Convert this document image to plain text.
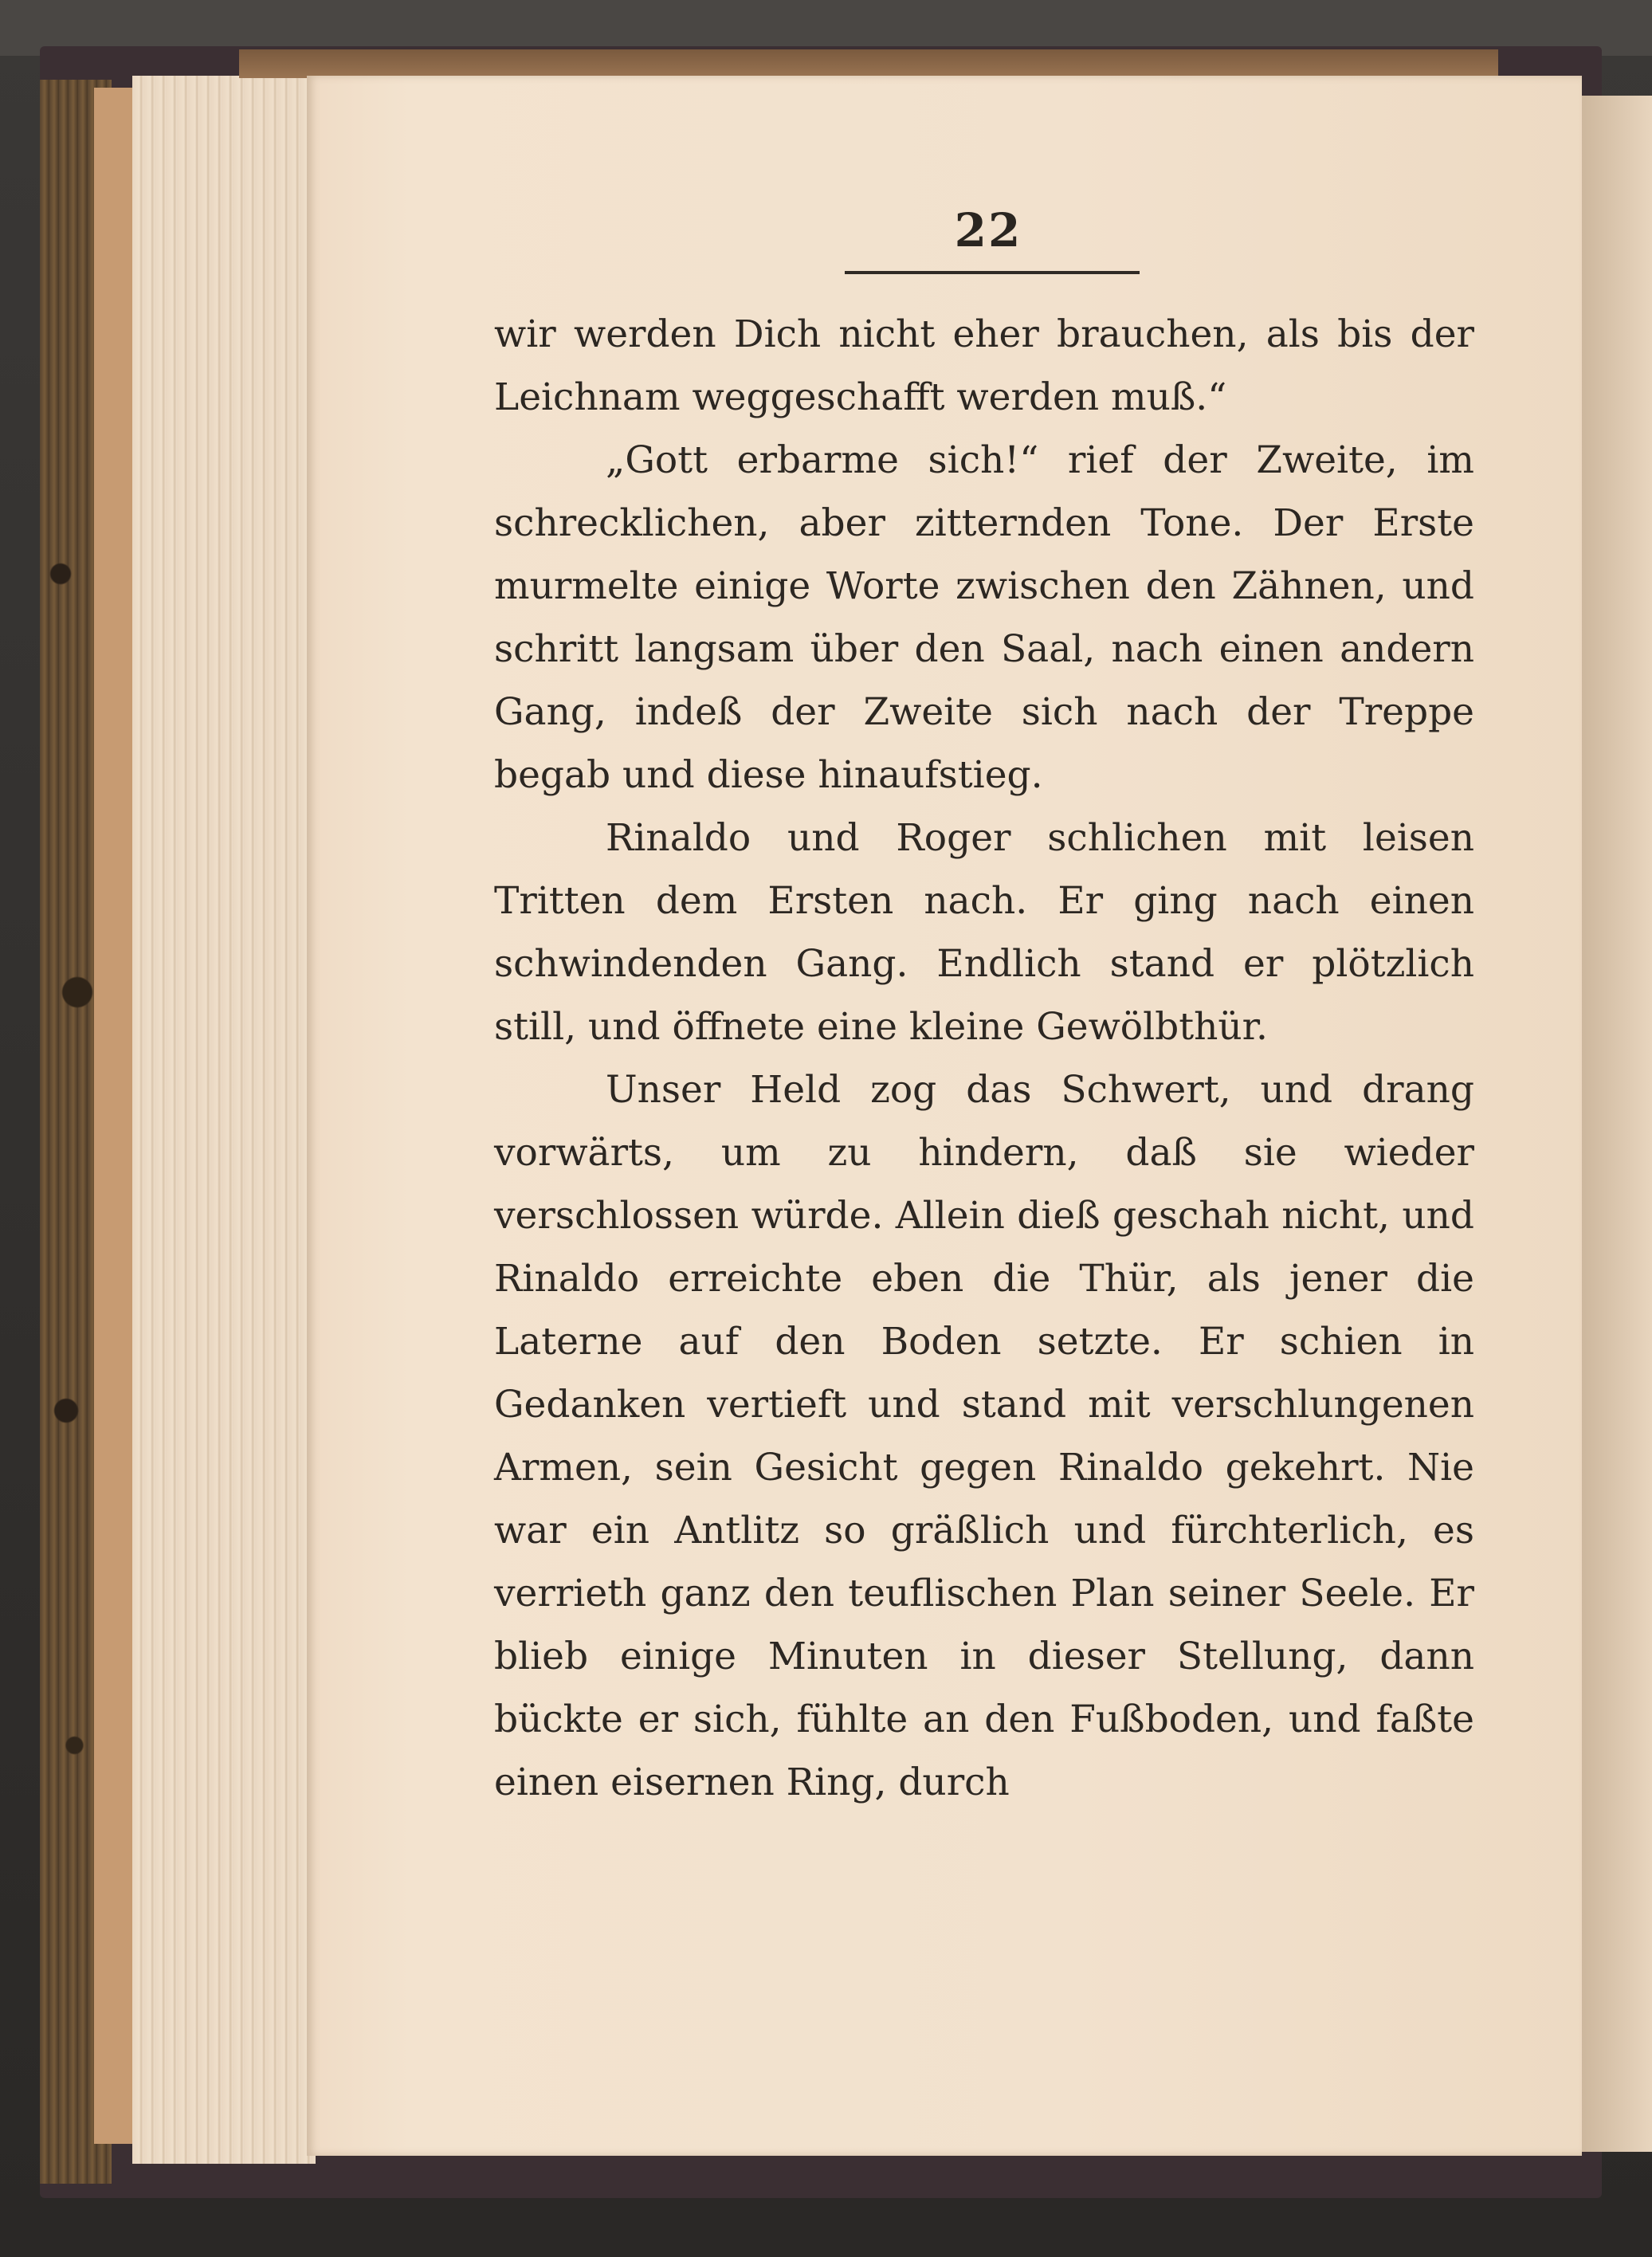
22

wir werden Dich nicht eher brauchen, als bis der Leichnam weggeschafft werden muß.“

„Gott erbarme sich!“ rief der Zweite, im schrecklichen, aber zitternden Tone. Der Erste murmelte einige Worte zwischen den Zähnen, und schritt langsam über den Saal, nach einen andern Gang, indeß der Zweite sich nach der Treppe begab und diese hinaufstieg.

Rinaldo und Roger schlichen mit leisen Tritten dem Ersten nach. Er ging nach einen schwindenden Gang. Endlich stand er plötzlich still, und öffnete eine kleine Gewölbthür.

Unser Held zog das Schwert, und drang vorwärts, um zu hindern, daß sie wieder verschlossen würde. Allein dieß geschah nicht, und Rinaldo erreichte eben die Thür, als jener die Laterne auf den Boden setzte. Er schien in Gedanken vertieft und stand mit verschlungenen Armen, sein Gesicht gegen Rinaldo gekehrt. Nie war ein Antlitz so gräßlich und fürchterlich, es verrieth ganz den teuflischen Plan seiner Seele. Er blieb einige Minuten in dieser Stellung, dann bückte er sich, fühlte an den Fußboden, und faßte einen eisernen Ring, durch
